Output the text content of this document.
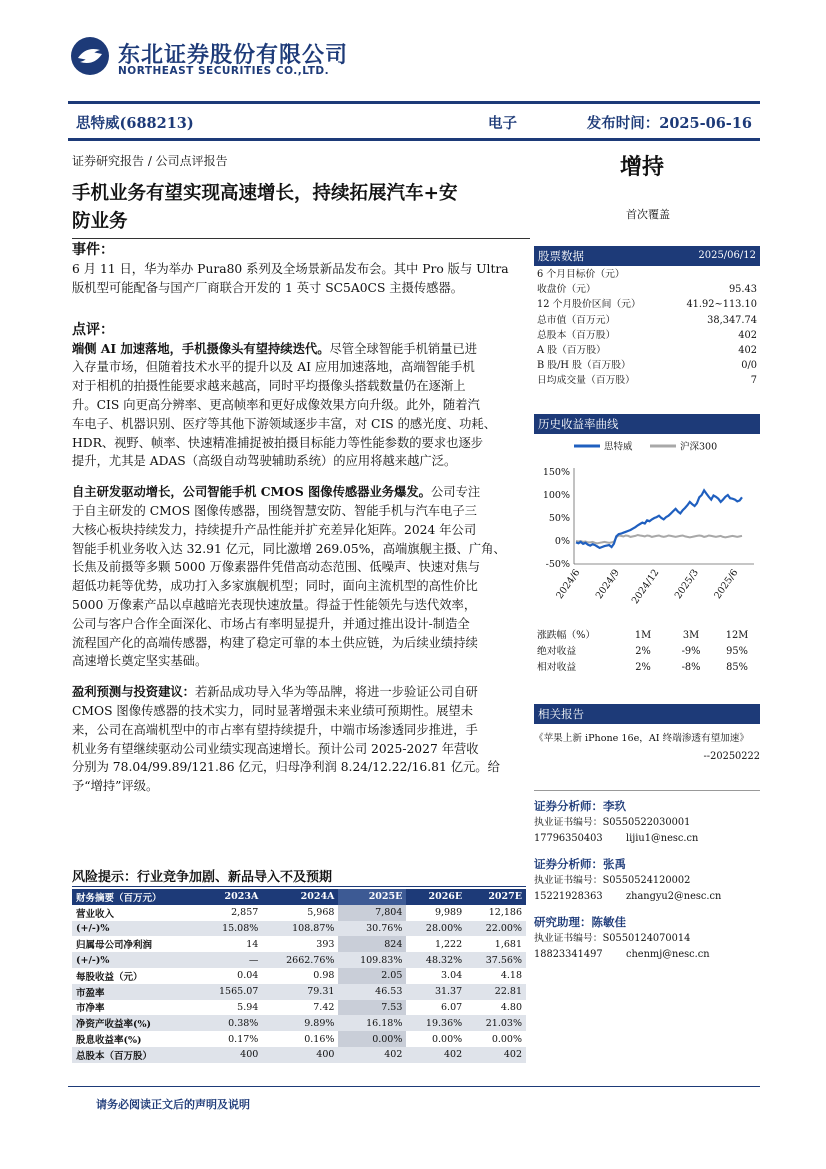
东北证券股份有限公司
NORTHEAST SECURITIES CO.,LTD.
思特威(688213)	电子	发布时间：2025-06-16
证券研究报告 / 公司点评报告	增持
首次覆盖
手机业务有望实现高速增长，持续拓展汽车+安
防业务
事件：
6 月 11 日，华为举办 Pura80 系列及全场景新品发布会。其中 Pro 版与 Ultra
版机型可能配备与国产厂商联合开发的 1 英寸 SC5A0CS 主摄传感器。
点评：
端侧 AI 加速落地，手机摄像头有望持续迭代。尽管全球智能手机销量已进
入存量市场，但随着技术水平的提升以及 AI 应用加速落地，高端智能手机
对于相机的拍摄性能要求越来越高，同时平均摄像头搭载数量仍在逐渐上
升。CIS 向更高分辨率、更高帧率和更好成像效果方向升级。此外，随着汽
车电子、机器识别、医疗等其他下游领域逐步丰富，对 CIS 的感光度、功耗、
HDR、视野、帧率、快速精准捕捉被拍摄目标能力等性能参数的要求也逐步
提升，尤其是 ADAS（高级自动驾驶辅助系统）的应用将越来越广泛。
自主研发驱动增长，公司智能手机 CMOS 图像传感器业务爆发。公司专注
于自主研发的 CMOS 图像传感器，围绕智慧安防、智能手机与汽车电子三
大核心板块持续发力，持续提升产品性能并扩充差异化矩阵。2024 年公司
智能手机业务收入达 32.91 亿元，同比激增 269.05%，高端旗舰主摄、广角、
长焦及前摄等多颗 5000 万像素器件凭借高动态范围、低噪声、快速对焦与
超低功耗等优势，成功打入多家旗舰机型；同时，面向主流机型的高性价比
5000 万像素产品以卓越暗光表现快速放量。得益于性能领先与迭代效率，
公司与客户合作全面深化、市场占有率明显提升，并通过推出设计-制造全
流程国产化的高端传感器，构建了稳定可靠的本土供应链，为后续业绩持续
高速增长奠定坚实基础。
盈利预测与投资建议：若新品成功导入华为等品牌，将进一步验证公司自研
CMOS 图像传感器的技术实力，同时显著增强未来业绩可预期性。展望未
来，公司在高端机型中的市占率有望持续提升，中端市场渗透同步推进，手
机业务有望继续驱动公司业绩实现高速增长。预计公司 2025-2027 年营收
分别为 78.04/99.89/121.86 亿元，归母净利润 8.24/12.22/16.81 亿元。给
予“增持”评级。
风险提示：行业竞争加剧、新品导入不及预期
财务摘要（百万元）	2023A	2024A	2025E	2026E	2027E
营业收入	2,857	5,968	7,804	9,989	12,186
(+/-)%	15.08%	108.87%	30.76%	28.00%	22.00%
归属母公司净利润	14	393	824	1,222	1,681
(+/-)%	—	2662.76%	109.83%	48.32%	37.56%
每股收益（元）	0.04	0.98	2.05	3.04	4.18
市盈率	1565.07	79.31	46.53	31.37	22.81
市净率	5.94	7.42	7.53	6.07	4.80
净资产收益率(%)	0.38%	9.89%	16.18%	19.36%	21.03%
股息收益率(%)	0.17%	0.16%	0.00%	0.00%	0.00%
总股本（百万股）	400	400	402	402	402
股票数据	2025/06/12
6 个月目标价（元）
收盘价（元）	95.43
12 个月股价区间（元）	41.92~113.10
总市值（百万元）	38,347.74
总股本（百万股）	402
A 股（百万股）	402
B 股/H 股（百万股）	0/0
日均成交量（百万股）	7
历史收益率曲线
思特威	沪深300
150%
100%
50%
0%
-50%
2024/6 2024/9 2024/12 2025/3 2025/6
涨跌幅（%）	1M	3M	12M
绝对收益	2%	-9%	95%
相对收益	2%	-8%	85%
相关报告
《苹果上新 iPhone 16e，AI 终端渗透有望加速》
--20250222
证券分析师：李玖
执业证书编号：S0550522030001
17796350403 lijiu1@nesc.cn
证券分析师：张禹
执业证书编号：S0550524120002
15221928363 zhangyu2@nesc.cn
研究助理：陈敏佳
执业证书编号：S0550124070014
18823341497 chenmj@nesc.cn
请务必阅读正文后的声明及说明
